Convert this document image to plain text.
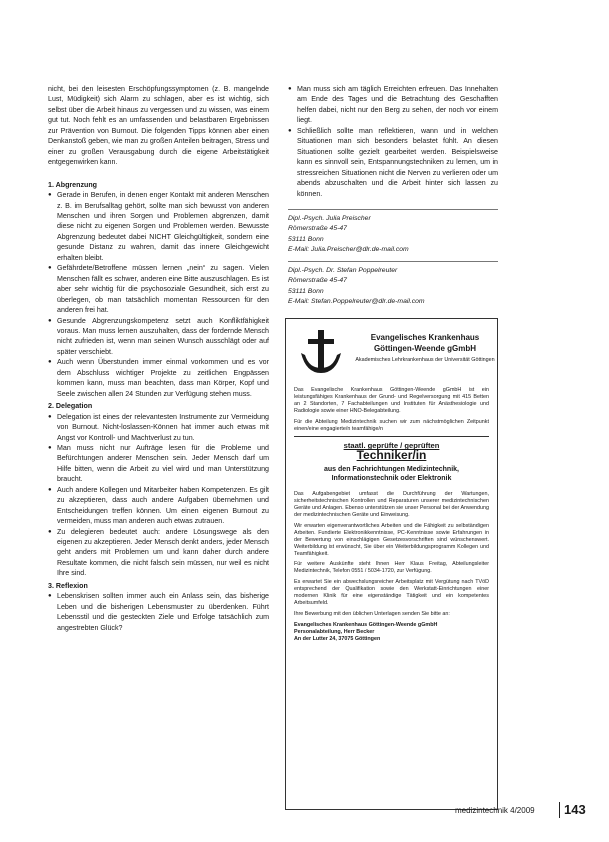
nicht, bei den leisesten Erschöpfungssymptomen (z. B. mangelnde Lust, Müdigkeit) sich Alarm zu schlagen, aber es ist wichtig, sich selbst über die Arbeit hinaus zu vergessen und zu wissen, was einem gut tut. Noch fehlt es an umfassenden und belastbaren Ergebnissen zur Prävention von Burnout. Die folgenden Tipps können aber einen Denkanstoß geben, wie man zu großen Anteilen beitragen, Stress und einer zu großen Verausgabung durch die eigene Arbeitstätigkeit entgegenwirken kann.

1. Abgrenzung
● Gerade in Berufen, in denen enger Kontakt mit anderen Menschen z. B. im Berufsalltag gehört, sollte man sich bewusst von anderen Menschen und ihren Sorgen und Problemen abgrenzen, damit diese nicht zu eigenen Sorgen und Problemen werden. Bewusste Abgrenzung bedeutet dabei NICHT Gleichgültigkeit, sondern eine gesunde Distanz zu wahren, damit das innere Gleichgewicht erhalten bleibt.
● Gefährdete/Betroffene müssen lernen „nein“ zu sagen. Vielen Menschen fällt es schwer, anderen eine Bitte auszuschlagen. Es ist aber sehr wichtig für die psychosoziale Gesundheit, sich erst zu überlegen, ob man tatsächlich momentan Ressourcen für den anderen frei hat.
● Gesunde Abgrenzungskompetenz setzt auch Konfliktfähigkeit voraus. Man muss lernen auszuhalten, dass der fordernde Mensch nicht zufrieden ist, wenn man seinen Wunsch ausschlägt oder auf später verschiebt.
● Auch wenn Überstunden immer einmal vorkommen und es vor dem Abschluss wichtiger Projekte zu zeitlichen Engpässen kommen kann, muss man beachten, dass man Körper, Kopf und Seele zwischen allen 24 Stunden zur Verfügung stehen muss.
2. Delegation
● Delegation ist eines der relevantesten Instrumente zur Vermeidung von Burnout. Nicht-loslassen-Können hat immer auch etwas mit Angst vor Kontroll- und Machtverlust zu tun.
● Man muss nicht nur Aufträge lesen für die Probleme und Befürchtungen anderer Menschen sein. Jeder Mensch darf um Hilfe bitten, wenn die Arbeit zu viel wird und man Unterstützung braucht.
● Auch andere Kollegen und Mitarbeiter haben Kompetenzen. Es gilt zu akzeptieren, dass auch andere Aufgaben übernehmen und Entscheidungen treffen können. Um einen eigenen Burnout zu vermeiden, muss man anderen auch etwas zutrauen.
● Zu delegieren bedeutet auch: andere Lösungswege als den eigenen zu akzeptieren. Jeder Mensch denkt anders, jeder Mensch geht anders mit Problemen um und kann daher durch andere Resultate kommen, die nicht falsch sein müssen, nur weil es nicht Ihre sind.
3. Reflexion
● Lebenskrisen sollten immer auch ein Anlass sein, das bisherige Leben und die bisherigen Lebensmuster zu überdenken. Führt Lebensstil und die gesteckten Ziele und Erfolge tatsächlich zum angestrebten Glück?
● Man muss sich am täglich Erreichten erfreuen. Das Innehalten am Ende des Tages und die Betrachtung des Geschafften helfen dabei, nicht nur den Berg zu sehen, der noch vor einem liegt.
● Schließlich sollte man reflektieren, wann und in welchen Situationen man sich besonders belastet fühlt. An diesen Situationen sollte gezielt gearbeitet werden. Beispielsweise kann es sinnvoll sein, Entspannungstechniken zu lernen, um in stressreichen Situationen nicht die Nerven zu verlieren oder um abends abzuschalten und die Arbeit hinter sich lassen zu können.
Dipl.-Psych. Julia Preischer
Römerstraße 45-47
53111 Bonn
E-Mail: Julia.Preischer@dlr.de-mail.com
Dipl.-Psych. Dr. Stefan Poppelreuter
Römerstraße 45-47
53111 Bonn
E-Mail: Stefan.Poppelreuter@dlr.de-mail.com
Evangelisches Krankenhaus Göttingen-Weende gGmbH
Akademisches Lehrkrankenhaus der Universität Göttingen

Das Evangelische Krankenhaus Göttingen-Weende gGmbH ist ein leistungsfähiges Krankenhaus der Grund- und Regelversorgung mit 415 Betten an 2 Standorten, 7 Fachabteilungen und Instituten für Anästhesiologie und Radiologie sowie einer HNO-Belegabteilung.

Für die Abteilung Medizintechnik suchen wir zum nächstmöglichen Zeitpunkt einen/eine engagierte/n teamfähige/n

staatl. geprüfte / geprüften
Techniker/in
aus den Fachrichtungen Medizintechnik, Informationstechnik oder Elektronik

Das Aufgabengebiet umfasst die Durchführung der Wartungen, sicherheitstechnischen Kontrollen und Reparaturen unserer medizintechnischen Geräte und Anlagen. Ebenso unterstützen sie unser Personal bei der Anwendung der medizintechnischen Geräte und Einweisung.

Wir erwarten eigenverantwortliches Arbeiten und die Fähigkeit zu selbständigen Arbeiten. Fundierte Elektronikkenntnisse, PC-Kenntnisse sowie Erfahrungen in der Bewertung von einschlägigen Gesetzesvorschriften sind wünschenswert. Weiterbildung ist erwünscht, Sie über ein Weiterbildungsprogramm Kollegen und Teamfähigkeit.

Für weitere Auskünfte steht Ihnen Herr Klaus Freitag, Abteilungsleiter Medizintechnik, Telefon 0551 / 5034-1720, zur Verfügung.

Es erwartet Sie ein abwechslungsreicher Arbeitsplatz mit Vergütung nach TVöD entsprechend der Qualifikation sowie den Werkstatt-Einrichtungen einer modernen Klinik für eine eigenständige Tätigkeit und ein kompetentes Arbeitsumfeld.

Ihre Bewerbung mit den üblichen Unterlagen senden Sie bitte an:

Evangelisches Krankenhaus Göttingen-Weende gGmbH
Personalabteilung, Herr Becker
An der Lutter 24, 37075 Göttingen
medizintechnik 4/2009	143
